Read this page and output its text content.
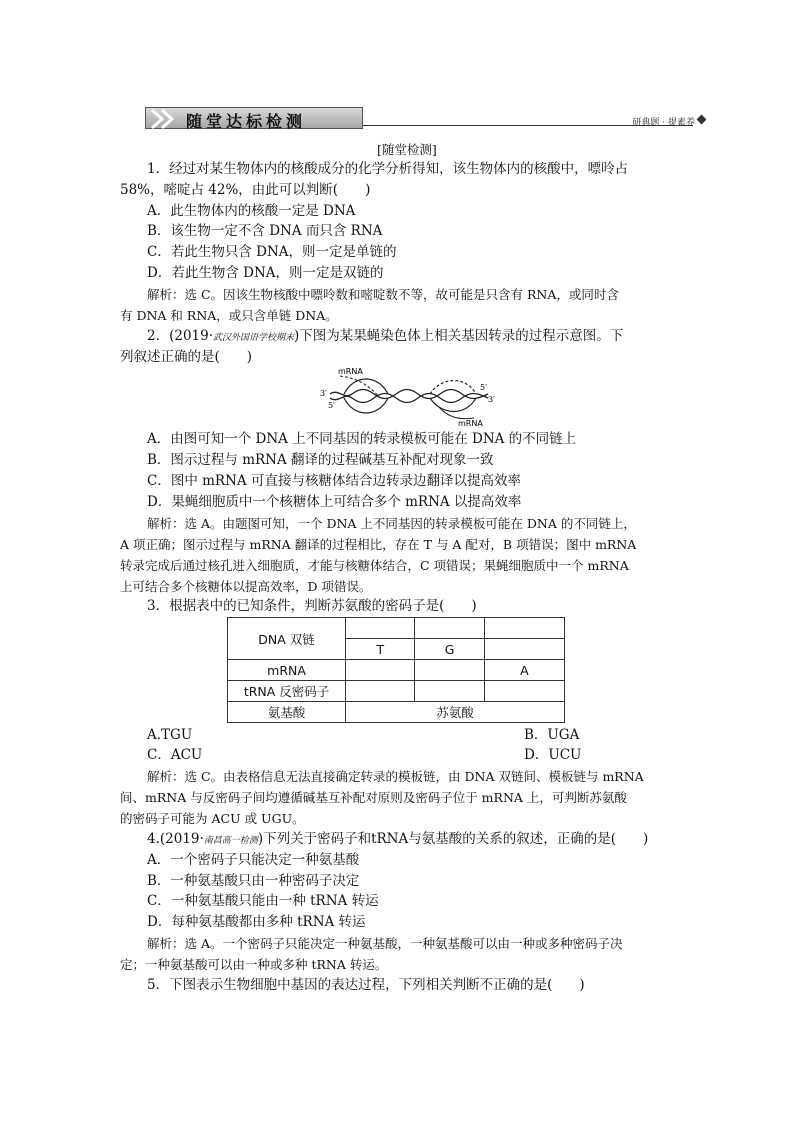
随堂达标检测	研典题 · 提素养
[随堂检测]
1．经过对某生物体内的核酸成分的化学分析得知，该生物体内的核酸中，嘌呤占
58%，嘧啶占 42%，由此可以判断(　　)
A．此生物体内的核酸一定是 DNA
B．该生物一定不含 DNA 而只含 RNA
C．若此生物只含 DNA，则一定是单链的
D．若此生物含 DNA，则一定是双链的
解析：选 C。因该生物核酸中嘌呤数和嘧啶数不等，故可能是只含有 RNA，或同时含
有 DNA 和 RNA，或只含单链 DNA。
2．(2019·武汉外国语学校期末)下图为某果蝇染色体上相关基因转录的过程示意图。下
列叙述正确的是(　　)
mRNA
mRNA
3′
5′
5′
3′
A．由图可知一个 DNA 上不同基因的转录模板可能在 DNA 的不同链上
B．图示过程与 mRNA 翻译的过程碱基互补配对现象一致
C．图中 mRNA 可直接与核糖体结合边转录边翻译以提高效率
D．果蝇细胞质中一个核糖体上可结合多个 mRNA 以提高效率
解析：选 A。由题图可知，一个 DNA 上不同基因的转录模板可能在 DNA 的不同链上，
A 项正确；图示过程与 mRNA 翻译的过程相比，存在 T 与 A 配对，B 项错误；图中 mRNA
转录完成后通过核孔进入细胞质，才能与核糖体结合，C 项错误；果蝇细胞质中一个 mRNA
上可结合多个核糖体以提高效率，D 项错误。
3．根据表中的已知条件，判断苏氨酸的密码子是(　　)
DNA 双链			
	T	G	
mRNA			A
tRNA 反密码子			
氨基酸	苏氨酸		
A.TGU	B．UGA
C．ACU	D．UCU
解析：选 C。由表格信息无法直接确定转录的模板链，由 DNA 双链间、模板链与 mRNA
间、mRNA 与反密码子间均遵循碱基互补配对原则及密码子位于 mRNA 上，可判断苏氨酸
的密码子可能为 ACU 或 UGU。
4.(2019·南昌高一检测)下列关于密码子和tRNA与氨基酸的关系的叙述，正确的是(　　)
A．一个密码子只能决定一种氨基酸
B．一种氨基酸只由一种密码子决定
C．一种氨基酸只能由一种 tRNA 转运
D．每种氨基酸都由多种 tRNA 转运
解析：选 A。一个密码子只能决定一种氨基酸，一种氨基酸可以由一种或多种密码子决
定；一种氨基酸可以由一种或多种 tRNA 转运。
5．下图表示生物细胞中基因的表达过程，下列相关判断不正确的是(　　)
